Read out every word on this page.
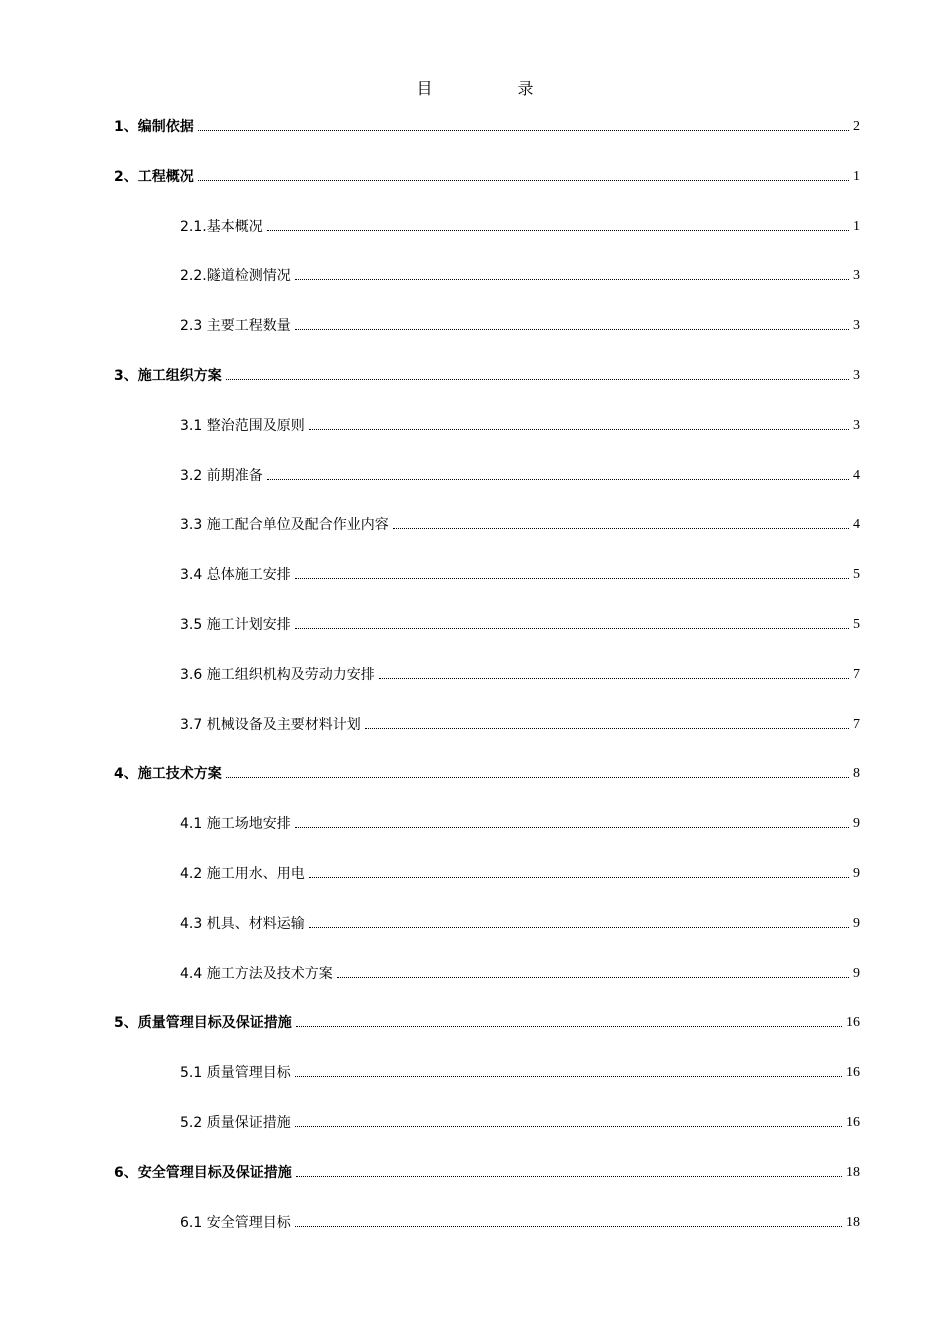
目 录
1、编制依据	2
2、工程概况	1
2.1.基本概况	1
2.2.隧道检测情况	3
2.3 主要工程数量	3
3、施工组织方案	3
3.1 整治范围及原则	3
3.2 前期准备	4
3.3 施工配合单位及配合作业内容	4
3.4 总体施工安排	5
3.5 施工计划安排	5
3.6 施工组织机构及劳动力安排	7
3.7 机械设备及主要材料计划	7
4、施工技术方案	8
4.1 施工场地安排	9
4.2 施工用水、用电	9
4.3 机具、材料运输	9
4.4 施工方法及技术方案	9
5、质量管理目标及保证措施	16
5.1 质量管理目标	16
5.2 质量保证措施	16
6、安全管理目标及保证措施	18
6.1 安全管理目标	18
